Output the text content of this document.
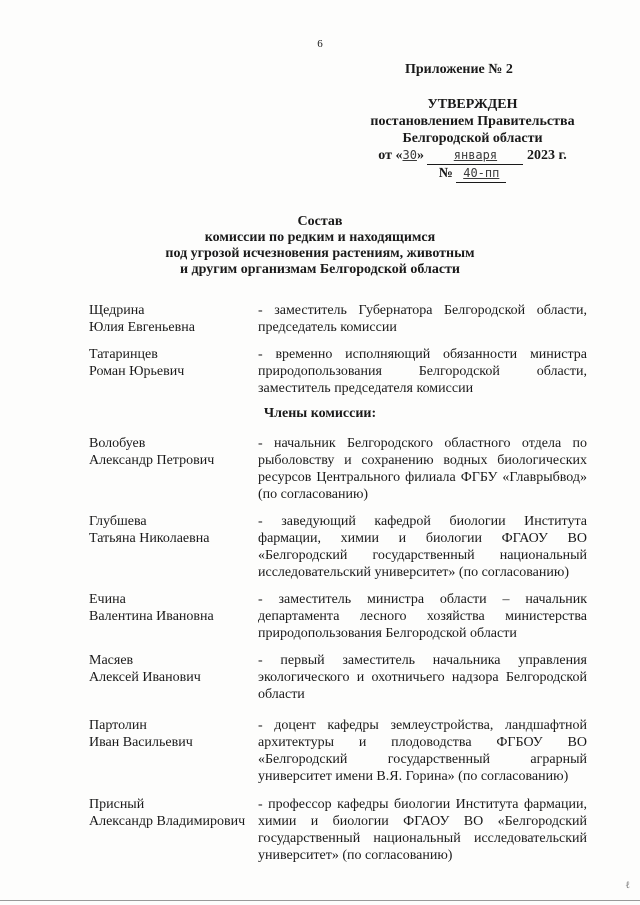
6
Приложение № 2
УТВЕРЖДЕН
постановлением Правительства
Белгородской области
от «30» января 2023 г.
№ 40-пп
Состав
комиссии по редким и находящимся
под угрозой исчезновения растениям, животным
и другим организмам Белгородской области
Щедрина
Юлия Евгеньевна
- заместитель Губернатора Белгородской области, председатель комиссии
Татаринцев
Роман Юрьевич
- временно исполняющий обязанности министра природопользования Белгородской области, заместитель председателя комиссии
Члены комиссии:
Волобуев
Александр Петрович
- начальник Белгородского областного отдела по рыболовству и сохранению водных биологических ресурсов Центрального филиала ФГБУ «Главрыбвод» (по согласованию)
Глубшева
Татьяна Николаевна
- заведующий кафедрой биологии Института фармации, химии и биологии ФГАОУ ВО «Белгородский государственный национальный исследовательский университет» (по согласованию)
Ечина
Валентина Ивановна
- заместитель министра области – начальник департамента лесного хозяйства министерства природопользования Белгородской области
Масяев
Алексей Иванович
- первый заместитель начальника управления экологического и охотничьего надзора Белгородской области
Партолин
Иван Васильевич
- доцент кафедры землеустройства, ландшафтной архитектуры и плодоводства ФГБОУ ВО «Белгородский государственный аграрный университет имени В.Я. Горина» (по согласованию)
Присный
Александр Владимирович
- профессор кафедры биологии Института фармации, химии и биологии ФГАОУ ВО «Белгородский государственный национальный исследовательский университет» (по согласованию)
ℓ
